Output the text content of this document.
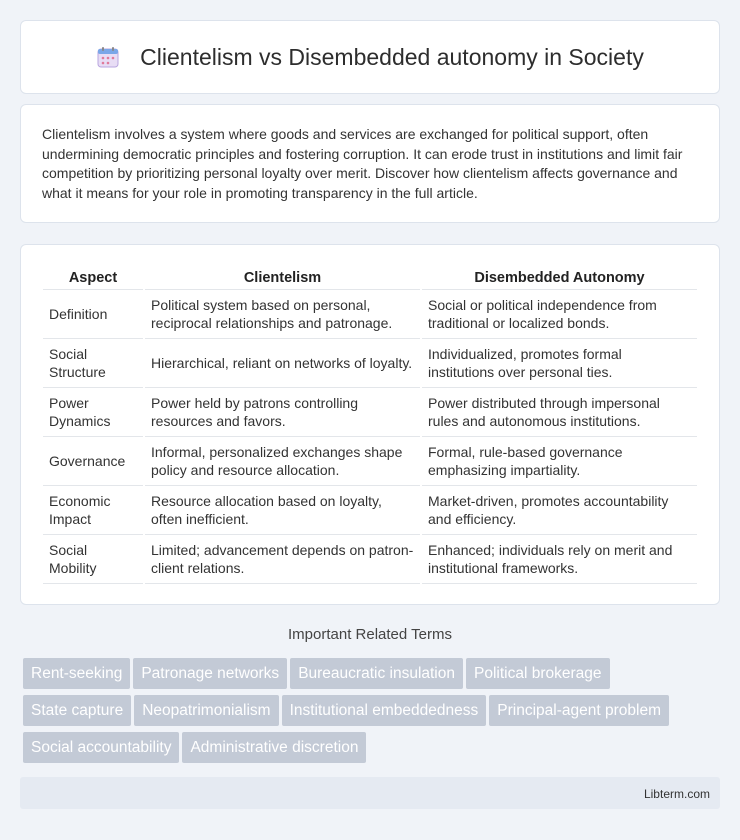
Clientelism vs Disembedded autonomy in Society

Clientelism involves a system where goods and services are exchanged for political support, often undermining democratic principles and fostering corruption. It can erode trust in institutions and limit fair competition by prioritizing personal loyalty over merit. Discover how clientelism affects governance and what it means for your role in promoting transparency in the full article.

Aspect	Clientelism	Disembedded Autonomy
Definition	Political system based on personal, reciprocal relationships and patronage.	Social or political independence from traditional or localized bonds.
Social Structure	Hierarchical, reliant on networks of loyalty.	Individualized, promotes formal institutions over personal ties.
Power Dynamics	Power held by patrons controlling resources and favors.	Power distributed through impersonal rules and autonomous institutions.
Governance	Informal, personalized exchanges shape policy and resource allocation.	Formal, rule-based governance emphasizing impartiality.
Economic Impact	Resource allocation based on loyalty, often inefficient.	Market-driven, promotes accountability and efficiency.
Social Mobility	Limited; advancement depends on patron-client relations.	Enhanced; individuals rely on merit and institutional frameworks.
Important Related Terms
Rent-seeking Patronage networks Bureaucratic insulation Political brokerage
State capture Neopatrimonialism Institutional embeddedness Principal-agent problem
Social accountability Administrative discretion
Libterm.com
